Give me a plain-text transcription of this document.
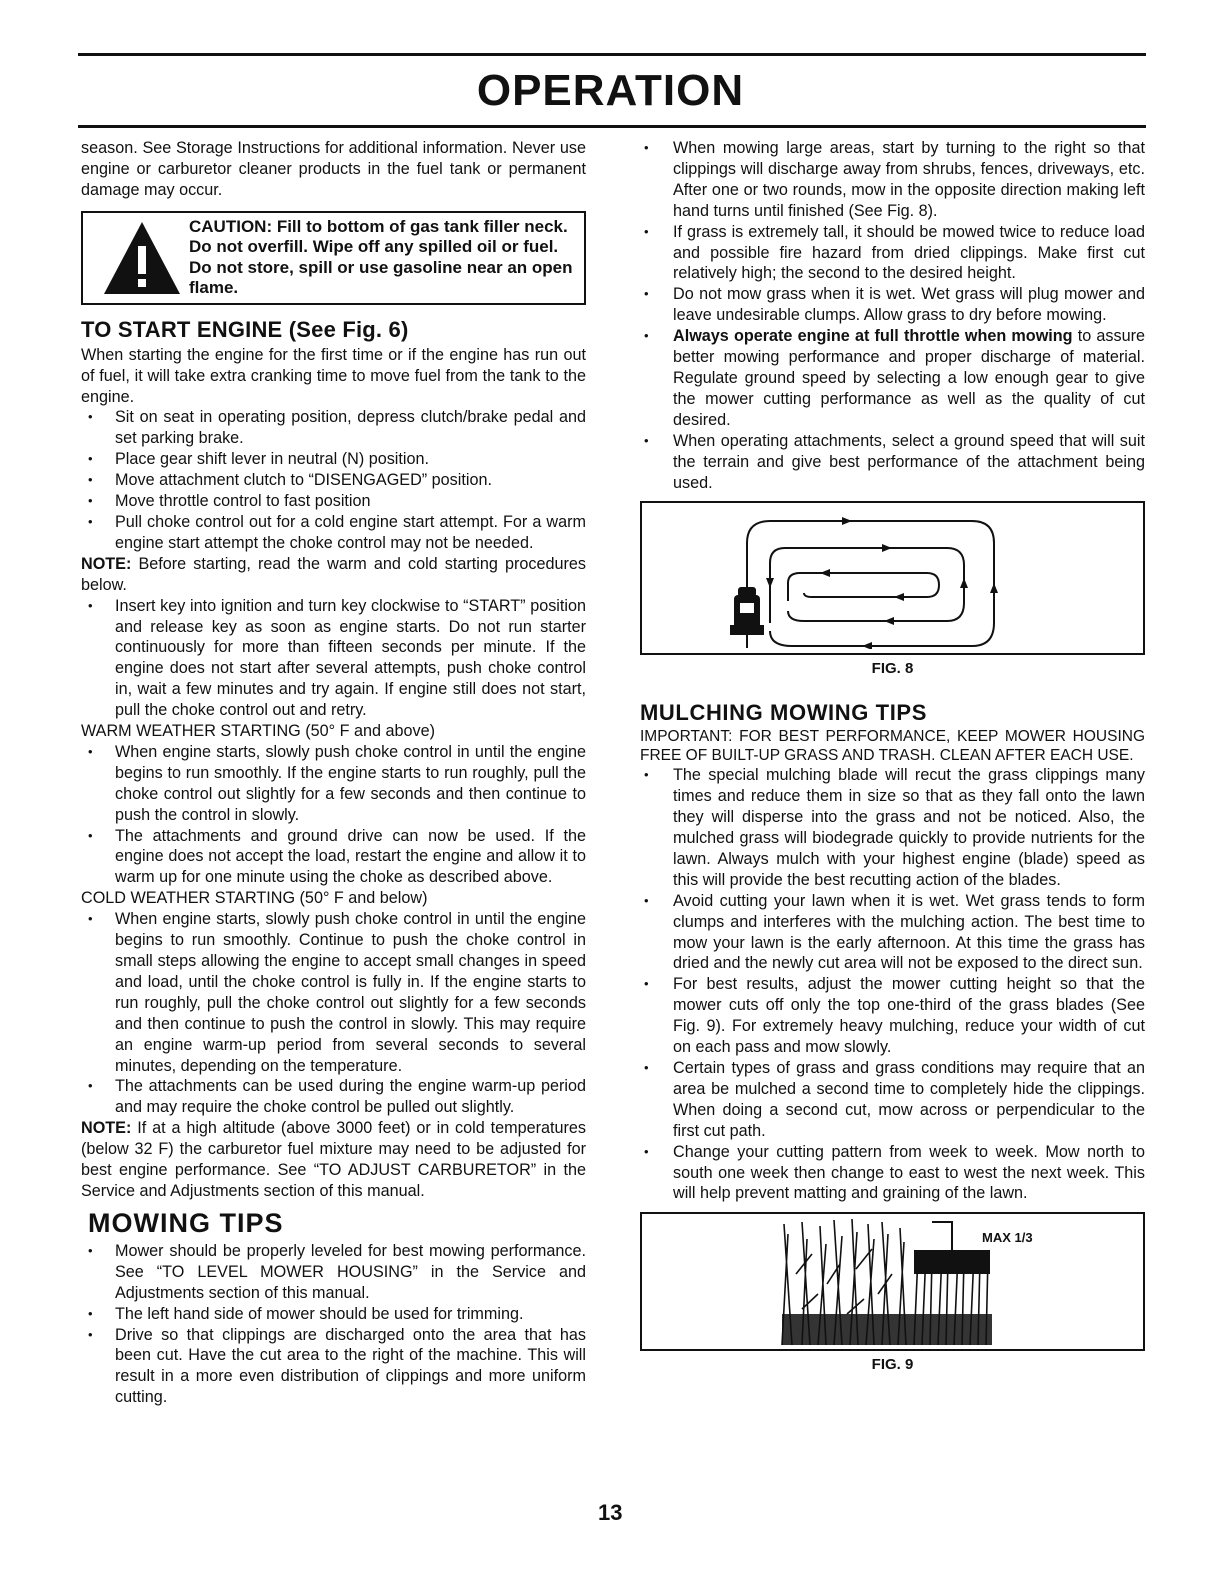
OPERATION

season. See Storage Instructions for additional information. Never use engine or carburetor cleaner products in the fuel tank or permanent damage may occur.

CAUTION: Fill to bottom of gas tank filler neck. Do not overfill. Wipe off any spilled oil or fuel. Do not store, spill or use gasoline near an open flame.
TO START ENGINE (See Fig. 6)

When starting the engine for the first time or if the engine has run out of fuel, it will take extra cranking time to move fuel from the tank to the engine.

• Sit on seat in operating position, depress clutch/brake pedal and set parking brake.
• Place gear shift lever in neutral (N) position.
• Move attachment clutch to “DISENGAGED” position.
• Move throttle control to fast position
• Pull choke control out for a cold engine start attempt. For a warm engine start attempt the choke control may not be needed.

NOTE: Before starting, read the warm and cold starting procedures below.

• Insert key into ignition and turn key clockwise to “START” position and release key as soon as engine starts. Do not run starter continuously for more than fifteen seconds per minute. If the engine does not start after several attempts, push choke control in, wait a few minutes and try again. If engine still does not start, pull the choke control out and retry.

WARM WEATHER STARTING (50° F and above)

• When engine starts, slowly push choke control in until the engine begins to run smoothly. If the engine starts to run roughly, pull the choke control out slightly for a few seconds and then continue to push the control in slowly.
• The attachments and ground drive can now be used. If the engine does not accept the load, restart the engine and allow it to warm up for one minute using the choke as described above.

COLD WEATHER STARTING (50° F and below)

• When engine starts, slowly push choke control in until the engine begins to run smoothly. Continue to push the choke control in small steps allowing the engine to accept small changes in speed and load, until the choke control is fully in. If the engine starts to run roughly, pull the choke control out slightly for a few seconds and then continue to push the control in slowly. This may require an engine warm-up period from several seconds to several minutes, depending on the temperature.
• The attachments can be used during the engine warm-up period and may require the choke control be pulled out slightly.

NOTE: If at a high altitude (above 3000 feet) or in cold temperatures (below 32 F) the carburetor fuel mixture may need to be adjusted for best engine performance. See “TO ADJUST CARBURETOR” in the Service and Adjustments section of this manual.

MOWING TIPS
• Mower should be properly leveled for best mowing performance. See “TO LEVEL MOWER HOUSING” in the Service and Adjustments section of this manual.
• The left hand side of mower should be used for trimming.
• Drive so that clippings are discharged onto the area that has been cut. Have the cut area to the right of the machine. This will result in a more even distribution of clippings and more uniform cutting.
• When mowing large areas, start by turning to the right so that clippings will discharge away from shrubs, fences, driveways, etc. After one or two rounds, mow in the opposite direction making left hand turns until finished (See Fig. 8).
• If grass is extremely tall, it should be mowed twice to reduce load and possible fire hazard from dried clippings. Make first cut relatively high; the second to the desired height.
• Do not mow grass when it is wet. Wet grass will plug mower and leave undesirable clumps. Allow grass to dry before mowing.
• Always operate engine at full throttle when mowing to assure better mowing performance and proper discharge of material. Regulate ground speed by selecting a low enough gear to give the mower cutting performance as well as the quality of cut desired.
• When operating attachments, select a ground speed that will suit the terrain and give best performance of the attachment being used.

FIG. 8

MULCHING MOWING TIPS

IMPORTANT: FOR BEST PERFORMANCE, KEEP MOWER HOUSING FREE OF BUILT-UP GRASS AND TRASH. CLEAN AFTER EACH USE.

• The special mulching blade will recut the grass clippings many times and reduce them in size so that as they fall onto the lawn they will disperse into the grass and not be noticed. Also, the mulched grass will biodegrade quickly to provide nutrients for the lawn. Always mulch with your highest engine (blade) speed as this will provide the best recutting action of the blades.
• Avoid cutting your lawn when it is wet. Wet grass tends to form clumps and interferes with the mulching action. The best time to mow your lawn is the early afternoon. At this time the grass has dried and the newly cut area will not be exposed to the direct sun.
• For best results, adjust the mower cutting height so that the mower cuts off only the top one-third of the grass blades (See Fig. 9). For extremely heavy mulching, reduce your width of cut on each pass and mow slowly.
• Certain types of grass and grass conditions may require that an area be mulched a second time to completely hide the clippings. When doing a second cut, mow across or perpendicular to the first cut path.
• Change your cutting pattern from week to week. Mow north to south one week then change to east to west the next week. This will help prevent matting and graining of the lawn.
MAX 1/3

FIG. 9

13
